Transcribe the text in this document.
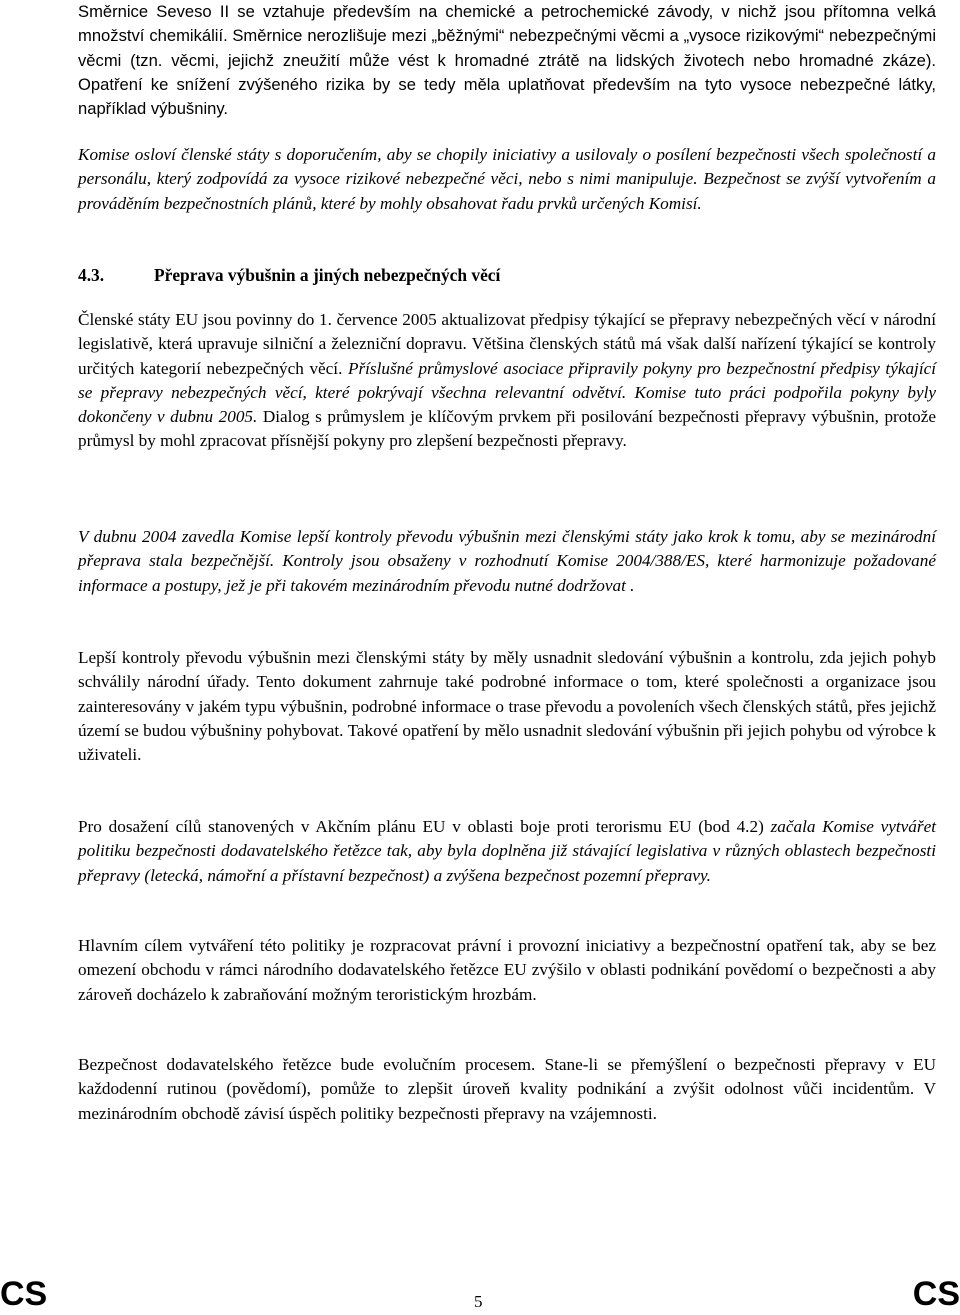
Směrnice Seveso II se vztahuje především na chemické a petrochemické závody, v nichž jsou přítomna velká množství chemikálií. Směrnice nerozlišuje mezi „běžnými“ nebezpečnými věcmi a „vysoce rizikovými“ nebezpečnými věcmi (tzn. věcmi, jejichž zneužití může vést k hromadné ztrátě na lidských životech nebo hromadné zkáze). Opatření ke snížení zvýšeného rizika by se tedy měla uplatňovat především na tyto vysoce nebezpečné látky, například výbušniny.

Komise osloví členské státy s doporučením, aby se chopily iniciativy a usilovaly o posílení bezpečnosti všech společností a personálu, který zodpovídá za vysoce rizikové nebezpečné věci, nebo s nimi manipuluje. Bezpečnost se zvýší vytvořením a prováděním bezpečnostních plánů, které by mohly obsahovat řadu prvků určených Komisí.

4.3.	Přeprava výbušnin a jiných nebezpečných věcí

Členské státy EU jsou povinny do 1. července 2005 aktualizovat předpisy týkající se přepravy nebezpečných věcí v národní legislativě, která upravuje silniční a železniční dopravu. Většina členských států má však další nařízení týkající se kontroly určitých kategorií nebezpečných věcí. Příslušné průmyslové asociace připravily pokyny pro bezpečnostní předpisy týkající se přepravy nebezpečných věcí, které pokrývají všechna relevantní odvětví. Komise tuto práci podpořila pokyny byly dokončeny v dubnu 2005. Dialog s průmyslem je klíčovým prvkem při posilování bezpečnosti přepravy výbušnin, protože průmysl by mohl zpracovat přísnější pokyny pro zlepšení bezpečnosti přepravy.

V dubnu 2004 zavedla Komise lepší kontroly převodu výbušnin mezi členskými státy jako krok k tomu, aby se mezinárodní přeprava stala bezpečnější. Kontroly jsou obsaženy v rozhodnutí Komise 2004/388/ES, které harmonizuje požadované informace a postupy, jež je při takovém mezinárodním převodu nutné dodržovat .

Lepší kontroly převodu výbušnin mezi členskými státy by měly usnadnit sledování výbušnin a kontrolu, zda jejich pohyb schválily národní úřady. Tento dokument zahrnuje také podrobné informace o tom, které společnosti a organizace jsou zainteresovány v jakém typu výbušnin, podrobné informace o trase převodu a povoleních všech členských států, přes jejichž území se budou výbušniny pohybovat. Takové opatření by mělo usnadnit sledování výbušnin při jejich pohybu od výrobce k uživateli.

Pro dosažení cílů stanovených v Akčním plánu EU v oblasti boje proti terorismu EU (bod 4.2) začala Komise vytvářet politiku bezpečnosti dodavatelského řetězce tak, aby byla doplněna již stávající legislativa v různých oblastech bezpečnosti přepravy (letecká, námořní a přístavní bezpečnost) a zvýšena bezpečnost pozemní přepravy.

Hlavním cílem vytváření této politiky je rozpracovat právní i provozní iniciativy a bezpečnostní opatření tak, aby se bez omezení obchodu v rámci národního dodavatelského řetězce EU zvýšilo v oblasti podnikání povědomí o bezpečnosti a aby zároveň docházelo k zabraňování možným teroristickým hrozbám.

Bezpečnost dodavatelského řetězce bude evolučním procesem. Stane-li se přemýšlení o bezpečnosti přepravy v EU každodenní rutinou (povědomí), pomůže to zlepšit úroveň kvality podnikání a zvýšit odolnost vůči incidentům. V mezinárodním obchodě závisí úspěch politiky bezpečnosti přepravy na vzájemnosti.

CS	5	CS
